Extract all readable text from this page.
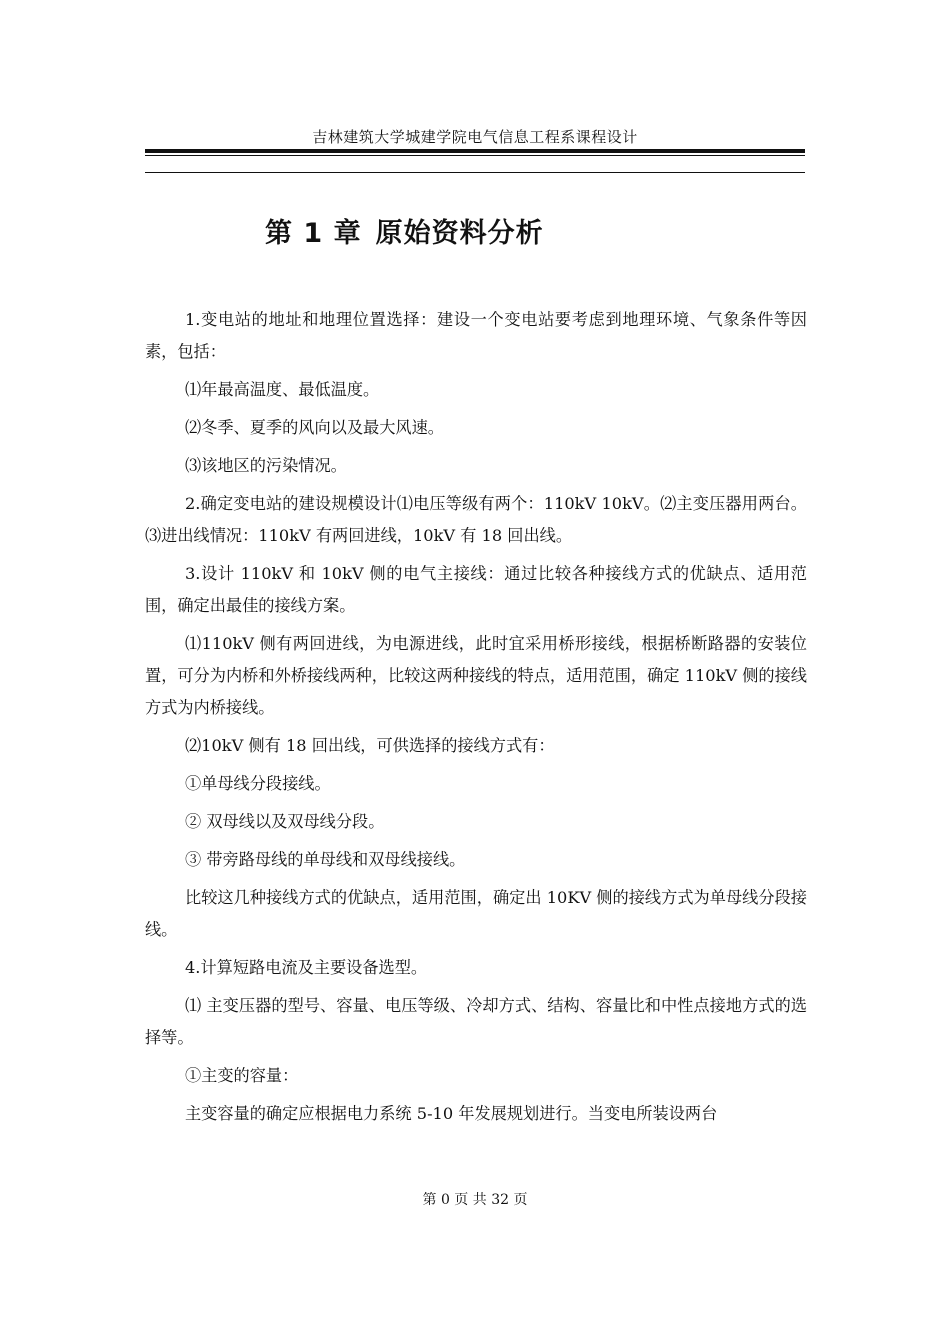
吉林建筑大学城建学院电气信息工程系课程设计
第 1 章 原始资料分析

1.变电站的地址和地理位置选择：建设一个变电站要考虑到地理环境、气象条件等因素，包括：

⑴年最高温度、最低温度。

⑵冬季、夏季的风向以及最大风速。

⑶该地区的污染情况。

2.确定变电站的建设规模设计⑴电压等级有两个：110kV 10kV。⑵主变压器用两台。⑶进出线情况：110kV 有两回进线，10kV 有 18 回出线。

3.设计 110kV 和 10kV 侧的电气主接线：通过比较各种接线方式的优缺点、适用范围，确定出最佳的接线方案。

⑴110kV 侧有两回进线，为电源进线，此时宜采用桥形接线，根据桥断路器的安装位置，可分为内桥和外桥接线两种，比较这两种接线的特点，适用范围，确定 110kV 侧的接线方式为内桥接线。

⑵10kV 侧有 18 回出线，可供选择的接线方式有：

①单母线分段接线。

② 双母线以及双母线分段。

③ 带旁路母线的单母线和双母线接线。

比较这几种接线方式的优缺点，适用范围，确定出 10KV 侧的接线方式为单母线分段接线。

4.计算短路电流及主要设备选型。

⑴ 主变压器的型号、容量、电压等级、冷却方式、结构、容量比和中性点接地方式的选择等。

①主变的容量：

主变容量的确定应根据电力系统 5-10 年发展规划进行。当变电所装设两台

第 0 页 共 32 页
